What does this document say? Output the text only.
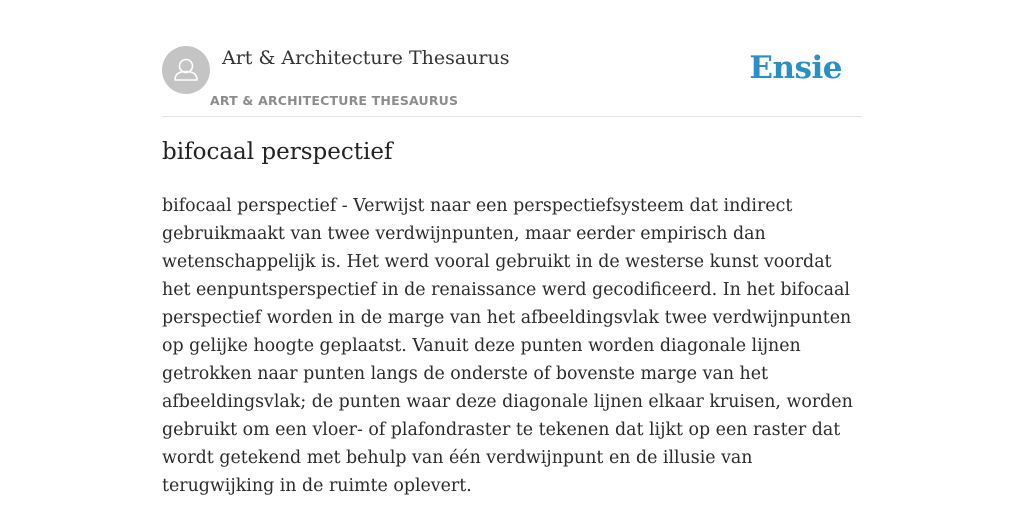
Art & Architecture Thesaurus
ART & ARCHITECTURE THESAURUS
Ensie
bifocaal perspectief

bifocaal perspectief - Verwijst naar een perspectiefsysteem dat indirect gebruikmaakt van twee verdwijnpunten, maar eerder empirisch dan wetenschappelijk is. Het werd vooral gebruikt in de westerse kunst voordat het eenpuntsperspectief in de renaissance werd gecodificeerd. In het bifocaal perspectief worden in de marge van het afbeeldingsvlak twee verdwijnpunten op gelijke hoogte geplaatst. Vanuit deze punten worden diagonale lijnen getrokken naar punten langs de onderste of bovenste marge van het afbeeldingsvlak; de punten waar deze diagonale lijnen elkaar kruisen, worden gebruikt om een vloer- of plafondraster te tekenen dat lijkt op een raster dat wordt getekend met behulp van één verdwijnpunt en de illusie van terugwijking in de ruimte oplevert.
